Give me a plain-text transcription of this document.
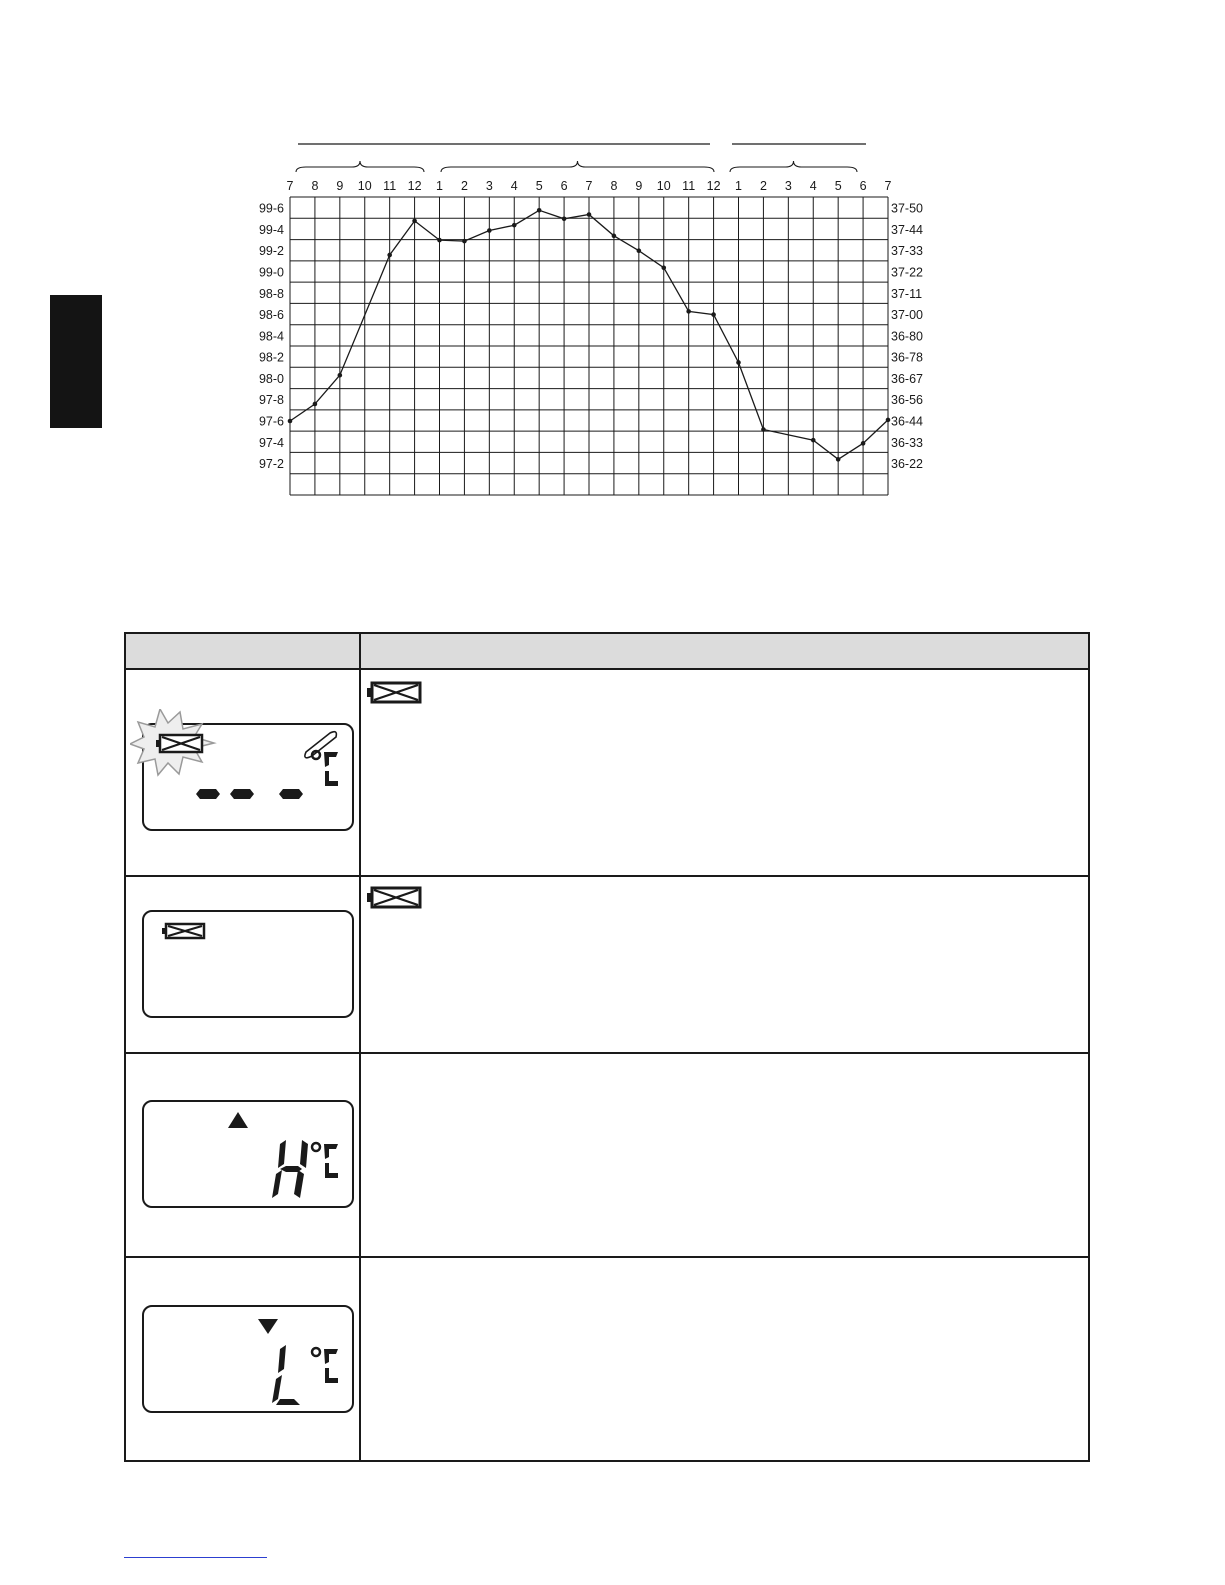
7 8 9 10 11 12 1 2 3 4 5 6 7 8 9 10 11 12 1 2 3 4 5 6 7
99-6
99-4
99-2
99-0
98-8
98-6
98-4
98-2
98-0
97-8
97-6
97-4
97-2
37-50
37-44
37-33
37-22
37-11
37-00
36-80
36-78
36-67
36-56
36-44
36-33
36-22
